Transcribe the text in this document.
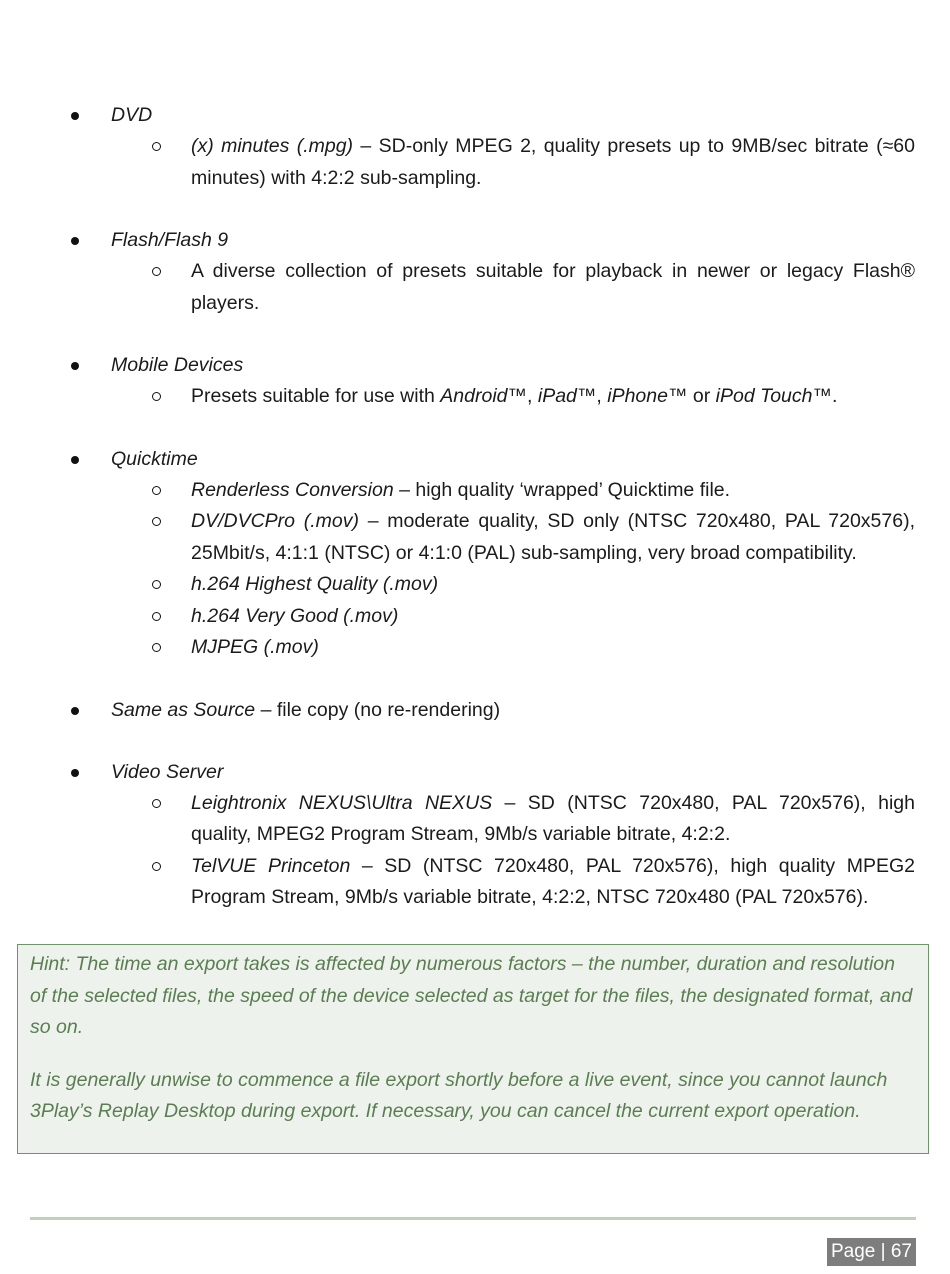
DVD
(x) minutes (.mpg) – SD-only MPEG 2, quality presets up to 9MB/sec bitrate (≈60 minutes) with 4:2:2 sub-sampling.
Flash/Flash 9
A diverse collection of presets suitable for playback in newer or legacy Flash® players.
Mobile Devices
Presets suitable for use with Android™, iPad™, iPhone™ or iPod Touch™.
Quicktime
Renderless Conversion – high quality ‘wrapped’ Quicktime file.
DV/DVCPro (.mov) – moderate quality, SD only (NTSC 720x480, PAL 720x576), 25Mbit/s, 4:1:1 (NTSC) or 4:1:0 (PAL) sub-sampling, very broad compatibility.
h.264 Highest Quality (.mov)
h.264 Very Good (.mov)
MJPEG (.mov)
Same as Source – file copy (no re-rendering)
Video Server
Leightronix NEXUS\Ultra NEXUS – SD (NTSC 720x480, PAL 720x576), high quality, MPEG2 Program Stream, 9Mb/s variable bitrate, 4:2:2.
TelVUE Princeton – SD (NTSC 720x480, PAL 720x576), high quality MPEG2 Program Stream, 9Mb/s variable bitrate, 4:2:2, NTSC 720x480 (PAL 720x576).

Hint: The time an export takes is affected by numerous factors – the number, duration and resolution of the selected files, the speed of the device selected as target for the files, the designated format, and so on.

It is generally unwise to commence a file export shortly before a live event, since you cannot launch 3Play’s Replay Desktop during export. If necessary, you can cancel the current export operation.

Page | 67
